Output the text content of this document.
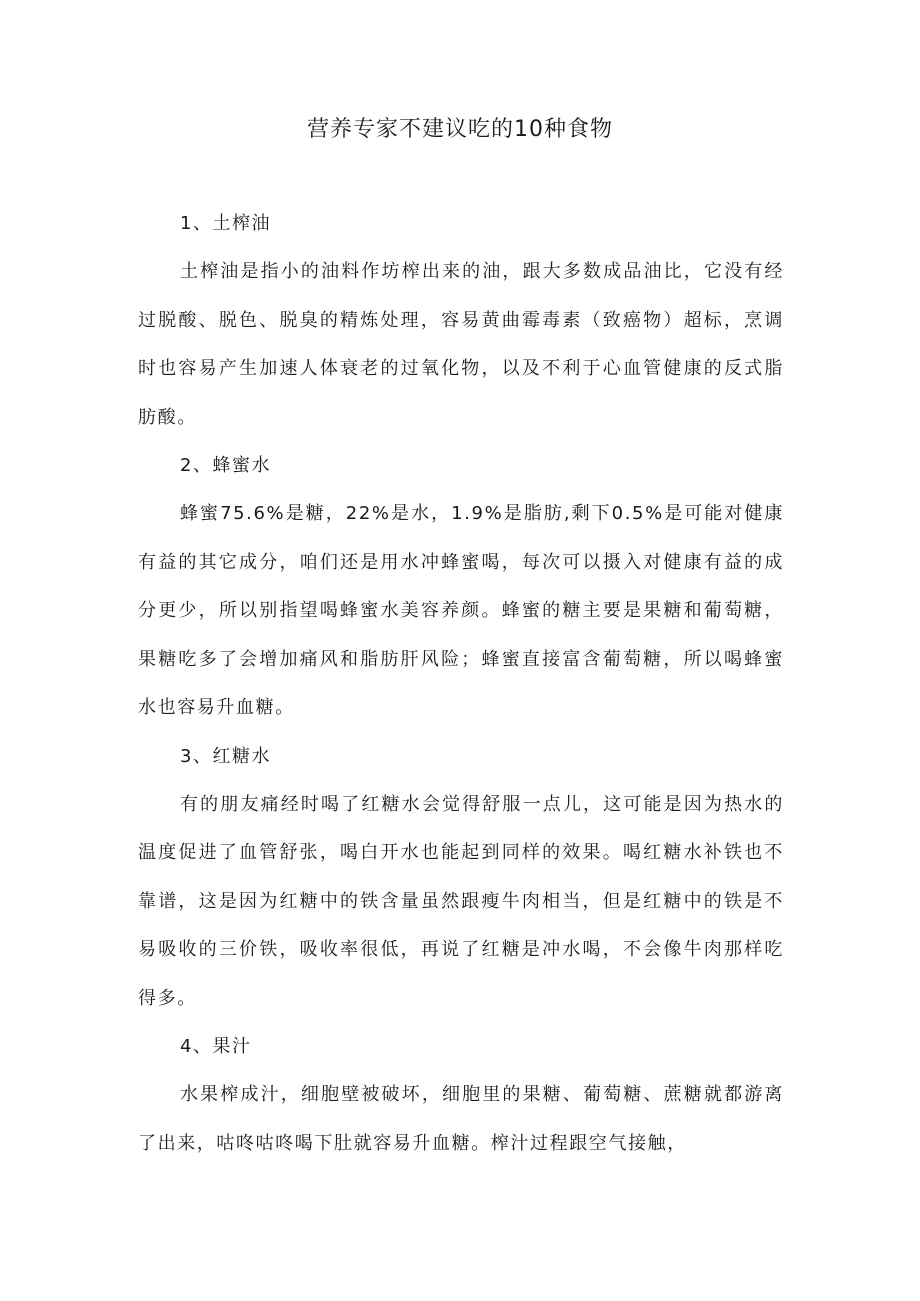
营养专家不建议吃的10种食物
1、土榨油

土榨油是指小的油料作坊榨出来的油，跟大多数成品油比，它没有经过脱酸、脱色、脱臭的精炼处理，容易黄曲霉毒素（致癌物）超标，烹调时也容易产生加速人体衰老的过氧化物，以及不利于心血管健康的反式脂肪酸。

2、蜂蜜水

蜂蜜75.6%是糖，22%是水，1.9%是脂肪,剩下0.5%是可能对健康有益的其它成分，咱们还是用水冲蜂蜜喝，每次可以摄入对健康有益的成分更少，所以别指望喝蜂蜜水美容养颜。蜂蜜的糖主要是果糖和葡萄糖，果糖吃多了会增加痛风和脂肪肝风险；蜂蜜直接富含葡萄糖，所以喝蜂蜜水也容易升血糖。

3、红糖水

有的朋友痛经时喝了红糖水会觉得舒服一点儿，这可能是因为热水的温度促进了血管舒张，喝白开水也能起到同样的效果。喝红糖水补铁也不靠谱，这是因为红糖中的铁含量虽然跟瘦牛肉相当，但是红糖中的铁是不易吸收的三价铁，吸收率很低，再说了红糖是冲水喝，不会像牛肉那样吃得多。

4、果汁

水果榨成汁，细胞壁被破坏，细胞里的果糖、葡萄糖、蔗糖就都游离了出来，咕咚咕咚喝下肚就容易升血糖。榨汁过程跟空气接触，
